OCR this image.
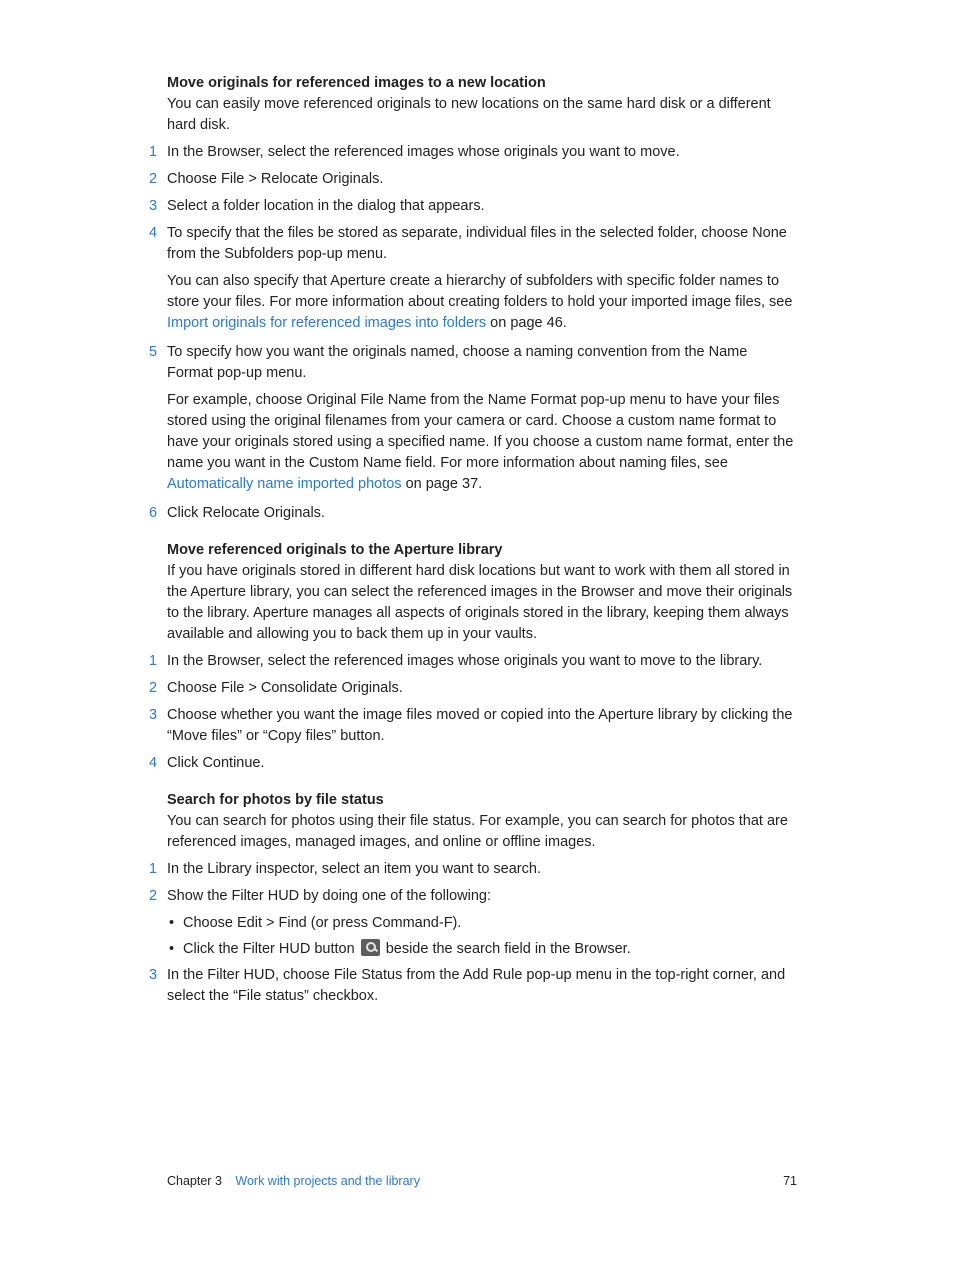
Move originals for referenced images to a new location

You can easily move referenced originals to new locations on the same hard disk or a different hard disk.

1 In the Browser, select the referenced images whose originals you want to move.
2 Choose File > Relocate Originals.
3 Select a folder location in the dialog that appears.
4 To specify that the files be stored as separate, individual files in the selected folder, choose None from the Subfolders pop-up menu.

You can also specify that Aperture create a hierarchy of subfolders with specific folder names to store your files. For more information about creating folders to hold your imported image files, see Import originals for referenced images into folders on page 46.

5 To specify how you want the originals named, choose a naming convention from the Name Format pop-up menu.

For example, choose Original File Name from the Name Format pop-up menu to have your files stored using the original filenames from your camera or card. Choose a custom name format to have your originals stored using a specified name. If you choose a custom name format, enter the name you want in the Custom Name field. For more information about naming files, see Automatically name imported photos on page 37.

6 Click Relocate Originals.
Move referenced originals to the Aperture library

If you have originals stored in different hard disk locations but want to work with them all stored in the Aperture library, you can select the referenced images in the Browser and move their originals to the library. Aperture manages all aspects of originals stored in the library, keeping them always available and allowing you to back them up in your vaults.

1 In the Browser, select the referenced images whose originals you want to move to the library.
2 Choose File > Consolidate Originals.
3 Choose whether you want the image files moved or copied into the Aperture library by clicking the “Move files” or “Copy files” button.
4 Click Continue.
Search for photos by file status

You can search for photos using their file status. For example, you can search for photos that are referenced images, managed images, and online or offline images.

1 In the Library inspector, select an item you want to search.
2 Show the Filter HUD by doing one of the following:
• Choose Edit > Find (or press Command-F).
• Click the Filter HUD button beside the search field in the Browser.
3 In the Filter HUD, choose File Status from the Add Rule pop-up menu in the top-right corner, and select the “File status” checkbox.
Chapter 3 Work with projects and the library	71
